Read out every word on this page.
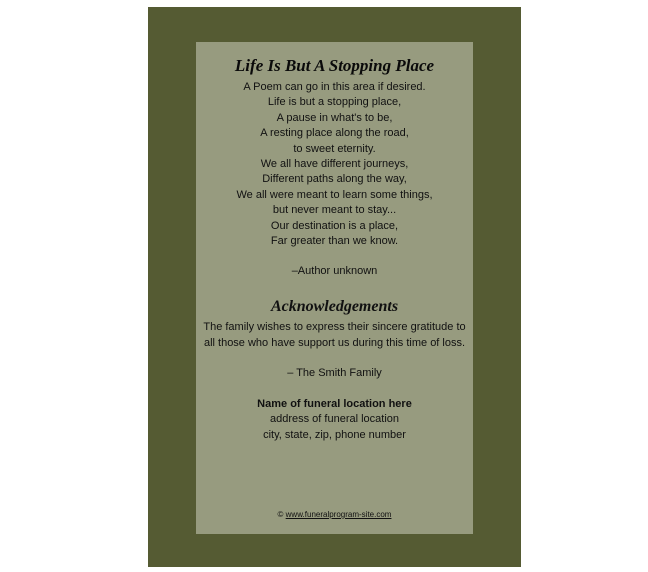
Life Is But A Stopping Place
A Poem can go in this area if desired.
Life is but a stopping place,
A pause in what's to be,
A resting place along the road,
to sweet eternity.
We all have different journeys,
Different paths along the way,
We all were meant to learn some things,
but never meant to stay...
Our destination is a place,
Far greater than we know.
–Author unknown
Acknowledgements
The family wishes to express their sincere gratitude to all those who have support us during this time of loss.
– The Smith Family
Name of funeral location here
address of funeral location
city, state, zip, phone number
© www.funeralprogram-site.com
